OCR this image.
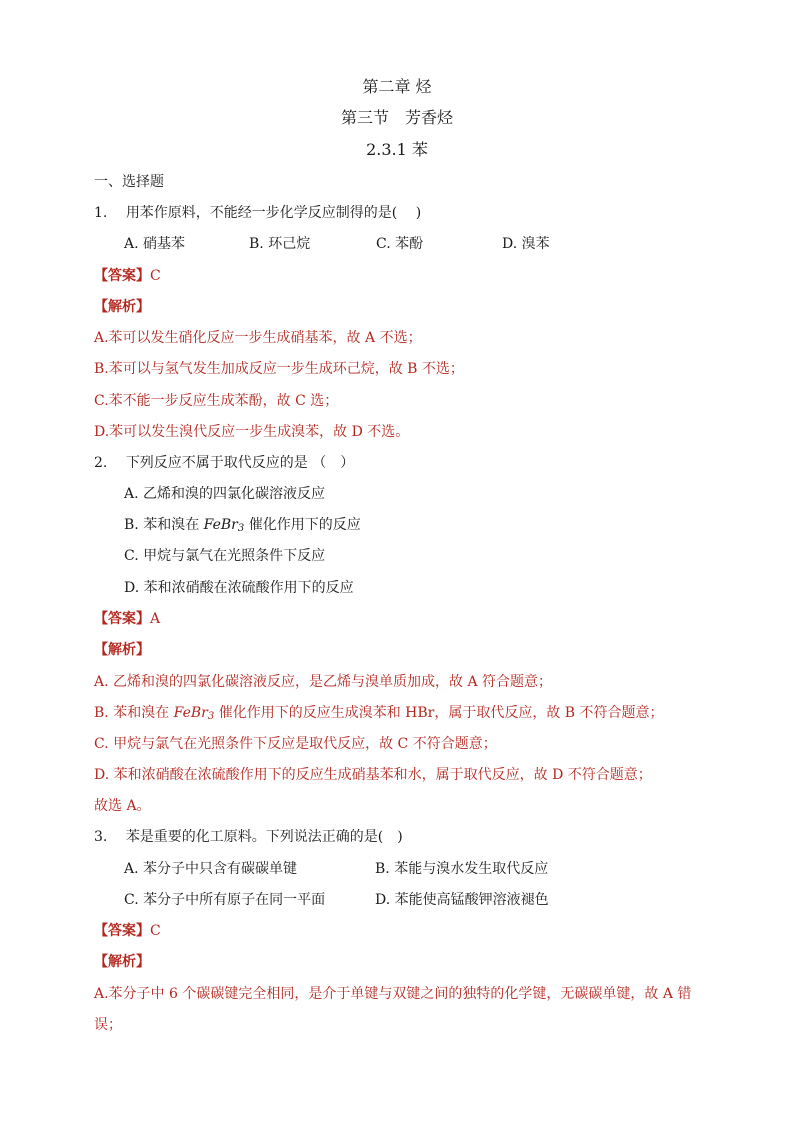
第二章 烃
第三节　芳香烃
2.3.1 苯
一、选择题
1. 用苯作原料，不能经一步化学反应制得的是(　 )
A. 硝基苯	B. 环己烷	C. 苯酚	D. 溴苯
【答案】C
【解析】
A.苯可以发生硝化反应一步生成硝基苯，故 A 不选；
B.苯可以与氢气发生加成反应一步生成环己烷，故 B 不选；
C.苯不能一步反应生成苯酚，故 C 选；
D.苯可以发生溴代反应一步生成溴苯，故 D 不选。
2. 下列反应不属于取代反应的是 （　）
A. 乙烯和溴的四氯化碳溶液反应
B. 苯和溴在 FeBr$_3$ 催化作用下的反应
C. 甲烷与氯气在光照条件下反应
D. 苯和浓硝酸在浓硫酸作用下的反应
【答案】A
【解析】
A. 乙烯和溴的四氯化碳溶液反应，是乙烯与溴单质加成，故 A 符合题意；
B. 苯和溴在 FeBr$_3$ 催化作用下的反应生成溴苯和 HBr，属于取代反应，故 B 不符合题意；
C. 甲烷与氯气在光照条件下反应是取代反应，故 C 不符合题意；
D. 苯和浓硝酸在浓硫酸作用下的反应生成硝基苯和水，属于取代反应，故 D 不符合题意；
故选 A。
3. 苯是重要的化工原料。下列说法正确的是(　)
A. 苯分子中只含有碳碳单键	B. 苯能与溴水发生取代反应
C. 苯分子中所有原子在同一平面	D. 苯能使高锰酸钾溶液褪色
【答案】C
【解析】
A.苯分子中 6 个碳碳键完全相同，是介于单键与双键之间的独特的化学键，无碳碳单键，故 A 错
误；
